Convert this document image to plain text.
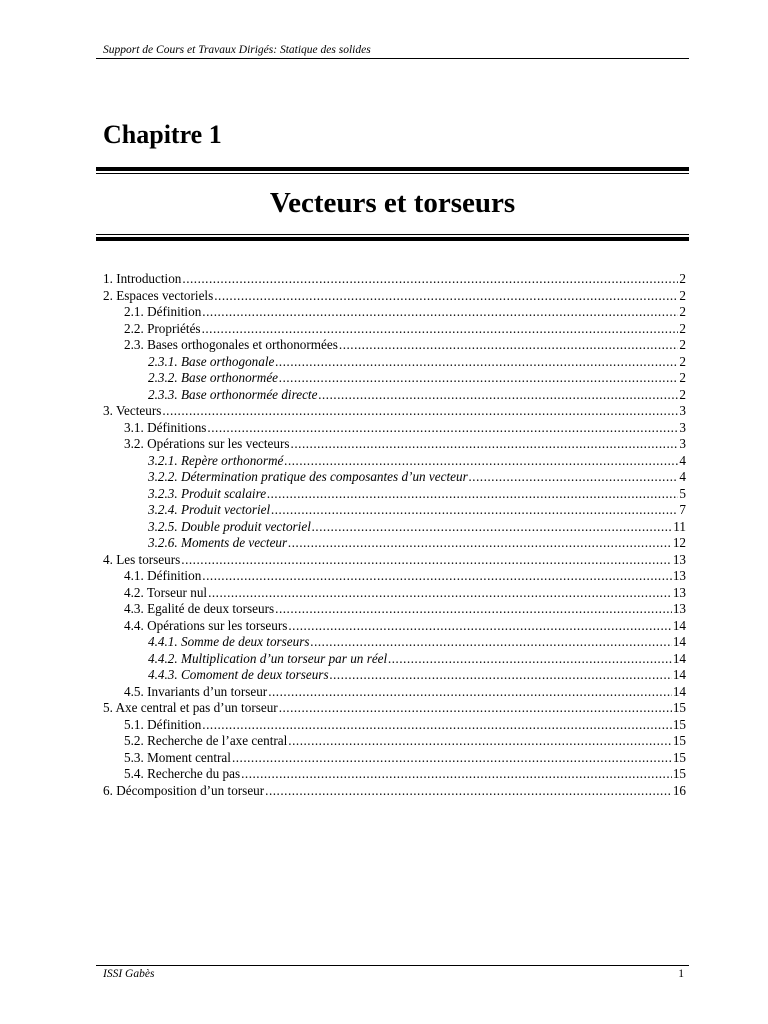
Support de Cours et Travaux Dirigés: Statique des solides
Chapitre 1
Vecteurs et torseurs
1. Introduction .....	2
2. Espaces vectoriels .....	2
2.1. Définition .....	2
2.2. Propriétés .....	2
2.3. Bases orthogonales et orthonormées .....	2
2.3.1. Base orthogonale .....	2
2.3.2. Base orthonormée .....	2
2.3.3. Base orthonormée directe .....	2
3. Vecteurs .....	3
3.1. Définitions .....	3
3.2. Opérations sur les vecteurs .....	3
3.2.1. Repère orthonormé .....	4
3.2.2. Détermination pratique des composantes d’un vecteur .....	4
3.2.3. Produit scalaire .....	5
3.2.4. Produit vectoriel .....	7
3.2.5. Double produit vectoriel .....	11
3.2.6. Moments de vecteur .....	12
4. Les torseurs .....	13
4.1. Définition .....	13
4.2. Torseur nul .....	13
4.3. Egalité de deux torseurs .....	13
4.4. Opérations sur les torseurs .....	14
4.4.1. Somme de deux torseurs .....	14
4.4.2. Multiplication d’un torseur par un réel .....	14
4.4.3. Comoment de deux torseurs .....	14
4.5. Invariants d’un torseur .....	14
5. Axe central et pas d’un torseur .....	15
5.1. Définition .....	15
5.2. Recherche de l’axe central .....	15
5.3. Moment central .....	15
5.4. Recherche du pas .....	15
6. Décomposition d’un torseur .....	16
ISSI Gabès	1
